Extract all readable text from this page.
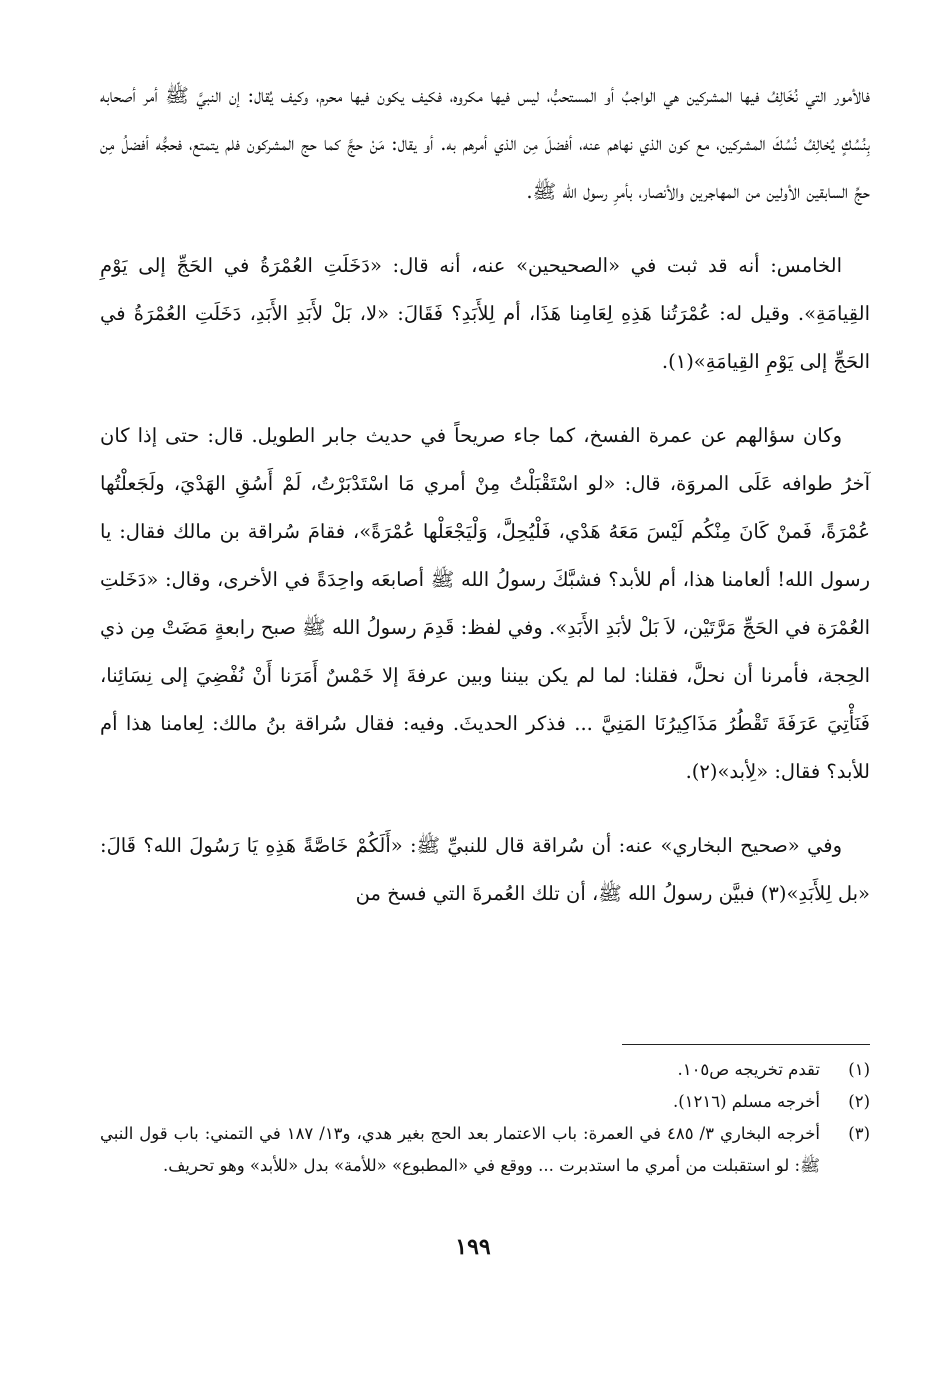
فالأمور التي نُخَالِفُ فيها المشركين هي الواجبُ أو المستحبُّ، ليس فيها مكروه، فكيف يكون فيها محرم، وكيف يُقال: إن النبيَّ ﷺ أمر أصحابه بِنُسُكٍ يُخالِفُ نُسُكَ المشركين، مع كون الذي نهاهم عنه، أفضلَ مِن الذي أمرهم به. أو يقال: مَنْ حجَّ كما حج المشركون فلم يتمتع، فحجُّه أفضلُ مِن حجِّ السابقين الأولين من المهاجرين والأنصار، بأمرِ رسول الله ﷺ.

الخامس: أنه قد ثبت في «الصحيحين» عنه، أنه قال: «دَخَلَتِ العُمْرَةُ في الحَجِّ إلى يَوْمِ القِيامَةِ». وقيل له: عُمْرَتُنا هَذِهِ لِعَامِنا هَذَا، أم لِلأَبَدِ؟ فَقَالَ: «لا، بَلْ لأَبَدِ الأَبَدِ، دَخَلَتِ العُمْرَةُ في الحَجِّ إلى يَوْمِ القِيامَةِ»(١).

وكان سؤالهم عن عمرة الفسخ، كما جاء صريحاً في حديث جابر الطويل. قال: حتى إذا كان آخرُ طوافه عَلَى المروَة، قال: «لو اسْتَقْبَلْتُ مِنْ أمري مَا اسْتَدْبَرْتُ، لَمْ أَسُقِ الهَدْيَ، ولَجَعلْتُها عُمْرَةً، فَمنْ كَانَ مِنْكُم لَيْسَ مَعَهُ هَدْي، فَلْيُحِلَّ، وَلْيَجْعَلْها عُمْرَةً»، فقامَ سُراقة بن مالك فقال: يا رسول الله! ألعامنا هذا، أم للأبد؟ فشبَّكَ رسولُ الله ﷺ أصابعَه واحِدَةً في الأخرى، وقال: «دَخَلتِ العُمْرَة في الحَجِّ مَرَّتَيْن، لاَ بَلْ لأبَدِ الأَبَدِ». وفي لفظ: قَدِمَ رسولُ الله ﷺ صبح رابعةٍ مَضَتْ مِن ذي الحِجة، فأمرنا أن نحلَّ، فقلنا: لما لم يكن بيننا وبين عرفةَ إلا خَمْسٌ أَمَرَنا أَنْ نُفْضِيَ إلى نِسَائِنا، فَنَأْتِيَ عَرَفَةَ تَقْطُرُ مَذَاكِيرُنَا المَنِيَّ ... فذكر الحديثَ. وفيه: فقال سُراقة بنُ مالك: لِعامنا هذا أم للأبد؟ فقال: «لِأبد»(٢).

وفي «صحيح البخاري» عنه: أن سُراقة قال للنبيِّ ﷺ: «أَلَكُمْ خَاصَّةً هَذِهِ يَا رَسُولَ الله؟ قَالَ: «بل لِلأَبَدِ»(٣) فبيَّن رسولُ الله ﷺ، أن تلك العُمرةَ التي فسخ من

(١)
تقدم تخريجه ص١٠٥.
(٢)
أخرجه مسلم (١٢١٦).
(٣)
أخرجه البخاري ٣/ ٤٨٥ في العمرة: باب الاعتمار بعد الحج بغير هدي، و١٣/ ١٨٧ في التمني: باب قول النبي ﷺ: لو استقبلت من أمري ما استدبرت ... ووقع في «المطبوع» «للأمة» بدل «للأبد» وهو تحريف.
١٩٩
